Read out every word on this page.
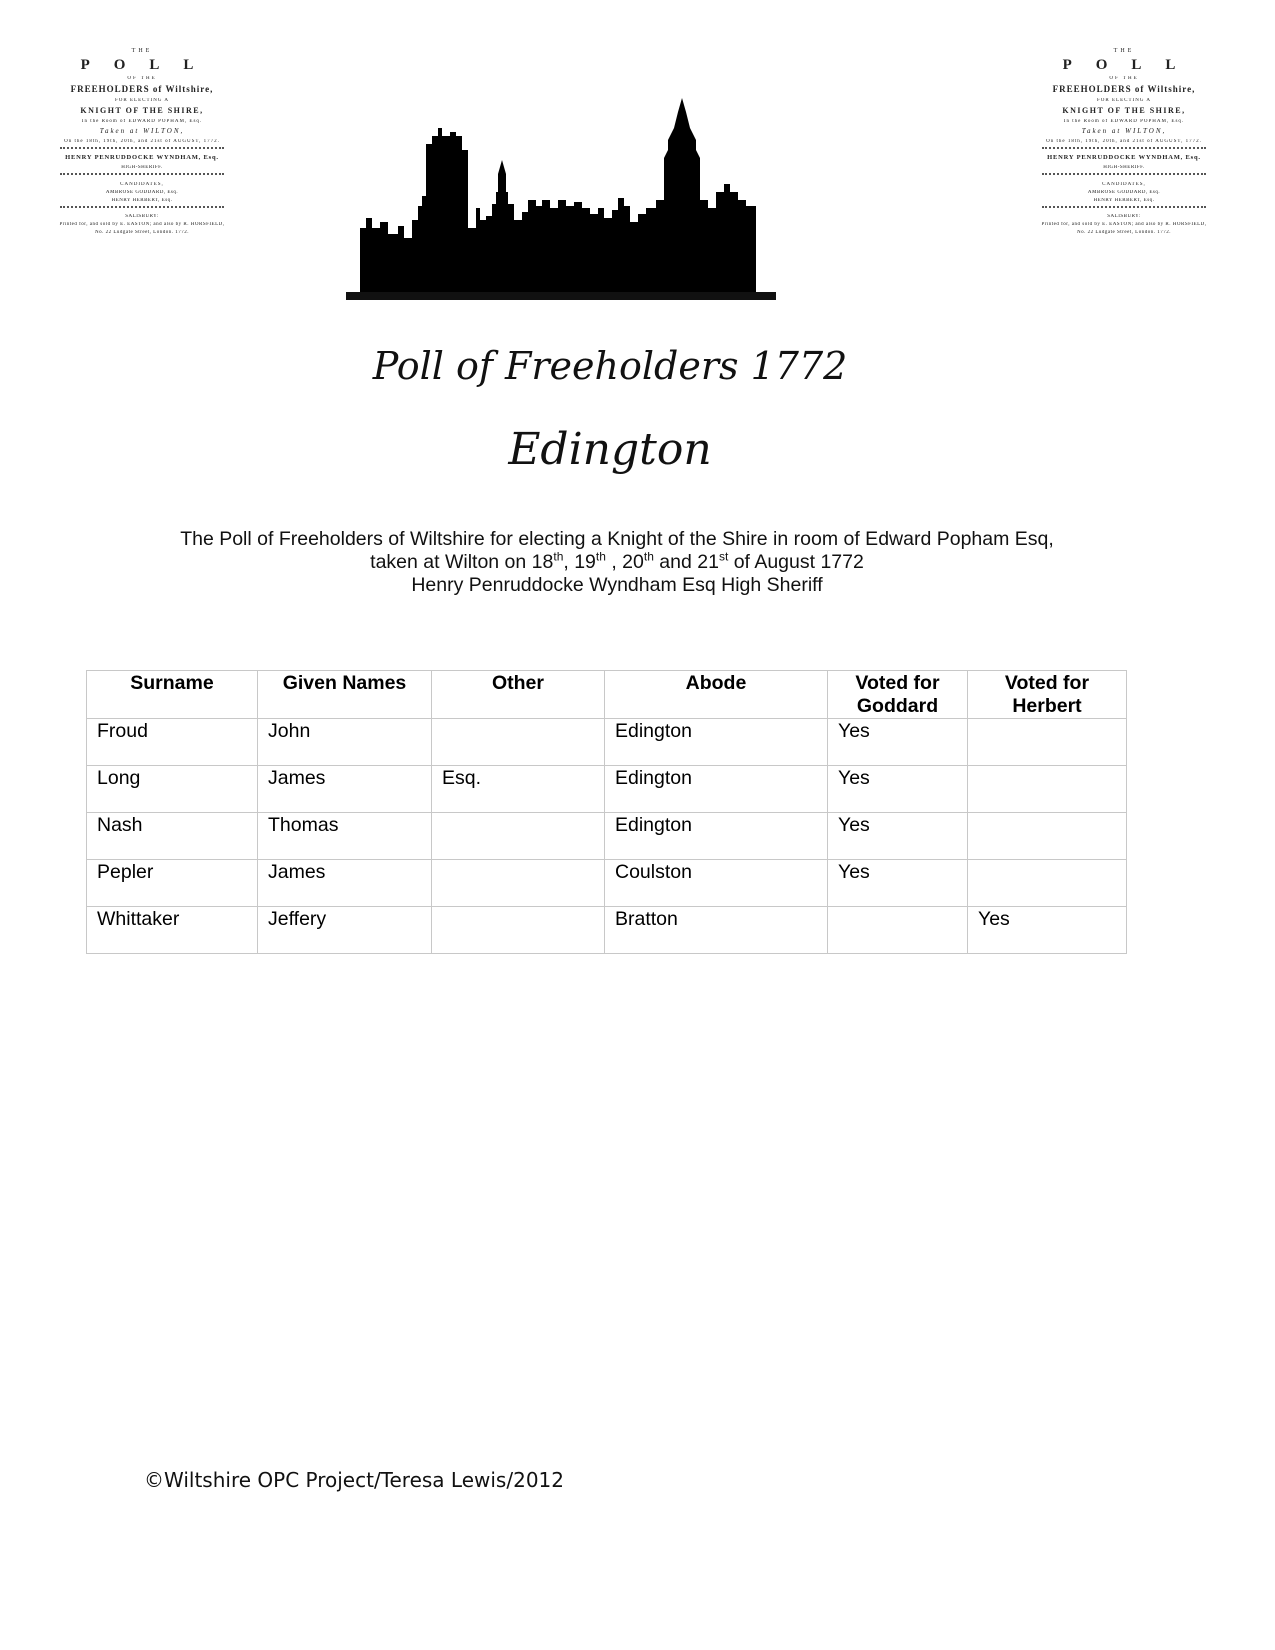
THE
POLL
OF THE
FREEHOLDERS of Wiltshire,
FOR ELECTING A
KNIGHT OF THE SHIRE,
In the Room of EDWARD POPHAM, Esq.
Taken at WILTON,
On the 18th, 19th, 20th, and 21st of AUGUST, 1772.
HENRY PENRUDDOCKE WYNDHAM, Esq.
HIGH-SHERIFF.
CANDIDATES,
AMBROSE GODDARD, Esq.
HENRY HERBERT, Esq.
SALISBURY:
Printed for, and sold by E. EASTON; and also by R. HORSFIELD,
No. 22 Ludgate Street, London. 1772.
THE
POLL
OF THE
FREEHOLDERS of Wiltshire,
FOR ELECTING A
KNIGHT OF THE SHIRE,
In the Room of EDWARD POPHAM, Esq.
Taken at WILTON,
On the 18th, 19th, 20th, and 21st of AUGUST, 1772.
HENRY PENRUDDOCKE WYNDHAM, Esq.
HIGH-SHERIFF.
CANDIDATES,
AMBROSE GODDARD, Esq.
HENRY HERBERT, Esq.
SALISBURY:
Printed for, and sold by E. EASTON; and also by R. HORSFIELD,
No. 22 Ludgate Street, London. 1772.
Poll of Freeholders 1772
Edington
The Poll of Freeholders of Wiltshire for electing a Knight of the Shire in room of Edward Popham Esq,
taken at Wilton on 18th, 19th , 20th and 21st of August 1772
Henry Penruddocke Wyndham Esq High Sheriff
Surname	Given Names	Other	Abode	Voted for Goddard	Voted for Herbert
Froud	John		Edington	Yes	
Long	James	Esq.	Edington	Yes	
Nash	Thomas		Edington	Yes	
Pepler	James		Coulston	Yes	
Whittaker	Jeffery		Bratton		Yes
©Wiltshire OPC Project/Teresa Lewis/2012
